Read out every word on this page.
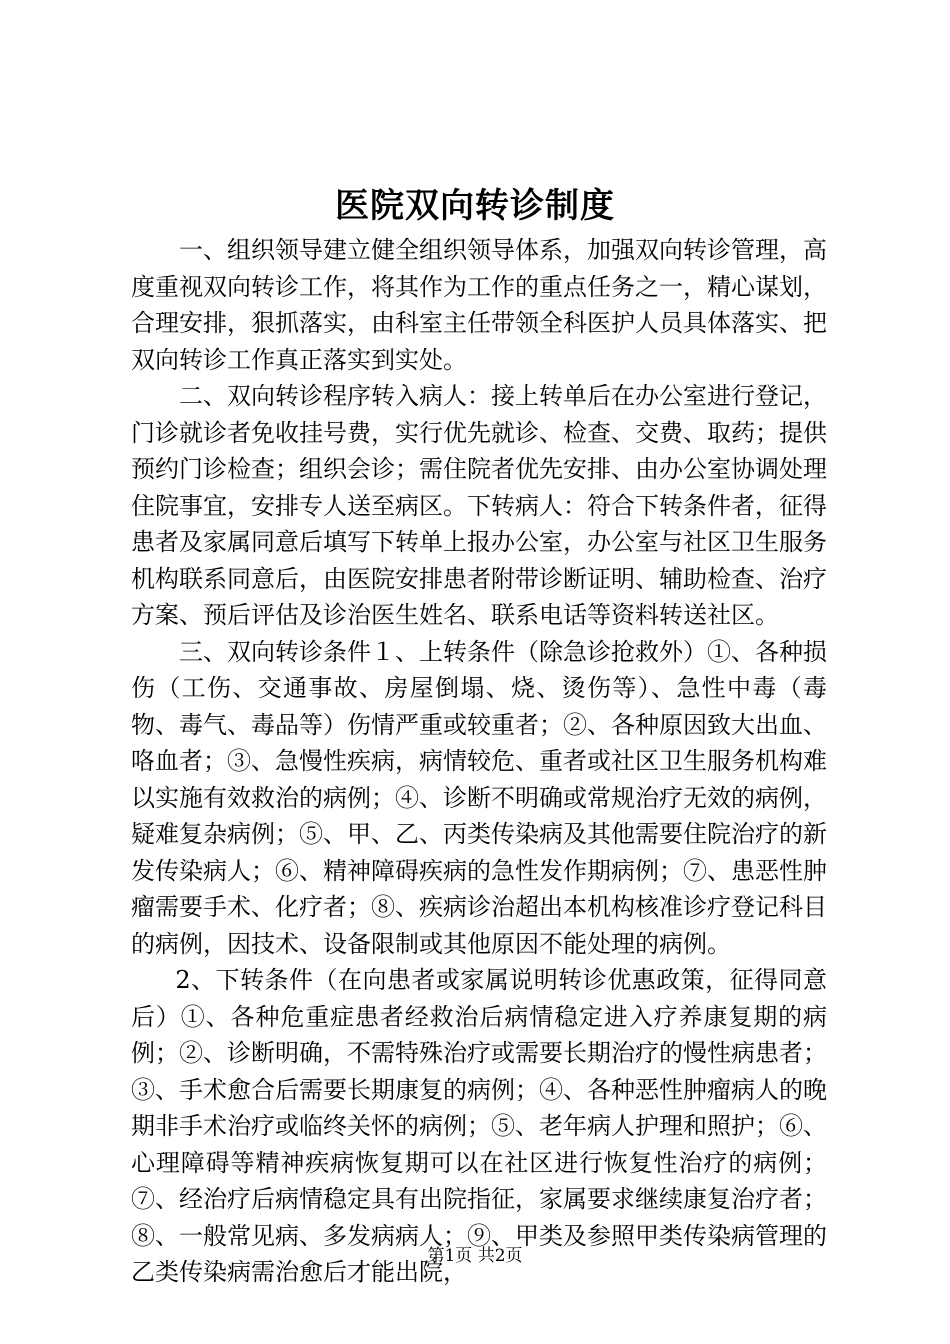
医院双向转诊制度

一、组织领导建立健全组织领导体系，加强双向转诊管理，高度重视双向转诊工作，将其作为工作的重点任务之一，精心谋划，合理安排，狠抓落实，由科室主任带领全科医护人员具体落实、把双向转诊工作真正落实到实处。

二、双向转诊程序转入病人：接上转单后在办公室进行登记，门诊就诊者免收挂号费，实行优先就诊、检查、交费、取药；提供预约门诊检查；组织会诊；需住院者优先安排、由办公室协调处理住院事宜，安排专人送至病区。下转病人：符合下转条件者，征得患者及家属同意后填写下转单上报办公室，办公室与社区卫生服务机构联系同意后，由医院安排患者附带诊断证明、辅助检查、治疗方案、预后评估及诊治医生姓名、联系电话等资料转送社区。

三、双向转诊条件１、上转条件（除急诊抢救外）①、各种损伤（工伤、交通事故、房屋倒塌、烧、烫伤等）、急性中毒（毒物、毒气、毒品等）伤情严重或较重者；②、各种原因致大出血、咯血者；③、急慢性疾病，病情较危、重者或社区卫生服务机构难以实施有效救治的病例；④、诊断不明确或常规治疗无效的病例，疑难复杂病例；⑤、甲、乙、丙类传染病及其他需要住院治疗的新发传染病人；⑥、精神障碍疾病的急性发作期病例；⑦、患恶性肿瘤需要手术、化疗者；⑧、疾病诊治超出本机构核准诊疗登记科目的病例，因技术、设备限制或其他原因不能处理的病例。

2、下转条件（在向患者或家属说明转诊优惠政策，征得同意后）①、各种危重症患者经救治后病情稳定进入疗养康复期的病例；②、诊断明确，不需特殊治疗或需要长期治疗的慢性病患者；③、手术愈合后需要长期康复的病例；④、各种恶性肿瘤病人的晚期非手术治疗或临终关怀的病例；⑤、老年病人护理和照护；⑥、心理障碍等精神疾病恢复期可以在社区进行恢复性治疗的病例；⑦、经治疗后病情稳定具有出院指征，家属要求继续康复治疗者；⑧、一般常见病、多发病病人；⑨、甲类及参照甲类传染病管理的乙类传染病需治愈后才能出院，

第1页 共2页
